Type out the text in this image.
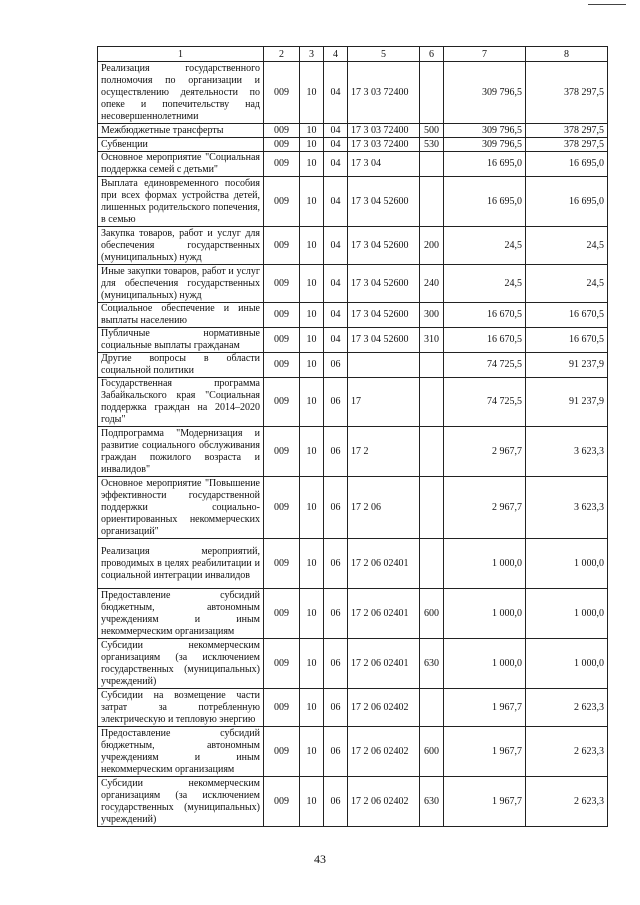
1	2	3	4	5	6	7	8
Реализация государственного полномочия по организации и осуществлению деятельности по опеке и попечительству над несовершеннолетними	009	10	04	17 3 03 72400		309 796,5	378 297,5
Межбюджетные трансферты	009	10	04	17 3 03 72400	500	309 796,5	378 297,5
Субвенции	009	10	04	17 3 03 72400	530	309 796,5	378 297,5
Основное мероприятие "Социальная поддержка семей с детьми"	009	10	04	17 3 04		16 695,0	16 695,0
Выплата единовременного пособия при всех формах устройства детей, лишенных родительского попечения, в семью	009	10	04	17 3 04 52600		16 695,0	16 695,0
Закупка товаров, работ и услуг для обеспечения государственных (муниципальных) нужд	009	10	04	17 3 04 52600	200	24,5	24,5
Иные закупки товаров, работ и услуг для обеспечения государственных (муниципальных) нужд	009	10	04	17 3 04 52600	240	24,5	24,5
Социальное обеспечение и иные выплаты населению	009	10	04	17 3 04 52600	300	16 670,5	16 670,5
Публичные нормативные социальные выплаты гражданам	009	10	04	17 3 04 52600	310	16 670,5	16 670,5
Другие вопросы в области социальной политики	009	10	06			74 725,5	91 237,9
Государственная программа Забайкальского края "Социальная поддержка граждан на 2014–2020 годы"	009	10	06	17		74 725,5	91 237,9
Подпрограмма "Модернизация и развитие социального обслуживания граждан пожилого возраста и инвалидов"	009	10	06	17 2		2 967,7	3 623,3
Основное мероприятие "Повышение эффективности государственной поддержки социально-ориентированных некоммерческих организаций"	009	10	06	17 2 06		2 967,7	3 623,3
Реализация мероприятий, проводимых в целях реабилитации и социальной интеграции инвалидов	009	10	06	17 2 06 02401		1 000,0	1 000,0
Предоставление субсидий бюджетным, автономным учреждениям и иным некоммерческим организациям	009	10	06	17 2 06 02401	600	1 000,0	1 000,0
Субсидии некоммерческим организациям (за исключением государственных (муниципальных) учреждений)	009	10	06	17 2 06 02401	630	1 000,0	1 000,0
Субсидии на возмещение части затрат за потребленную электрическую и тепловую энергию	009	10	06	17 2 06 02402		1 967,7	2 623,3
Предоставление субсидий бюджетным, автономным учреждениям и иным некоммерческим организациям	009	10	06	17 2 06 02402	600	1 967,7	2 623,3
Субсидии некоммерческим организациям (за исключением государственных (муниципальных) учреждений)	009	10	06	17 2 06 02402	630	1 967,7	2 623,3
43
